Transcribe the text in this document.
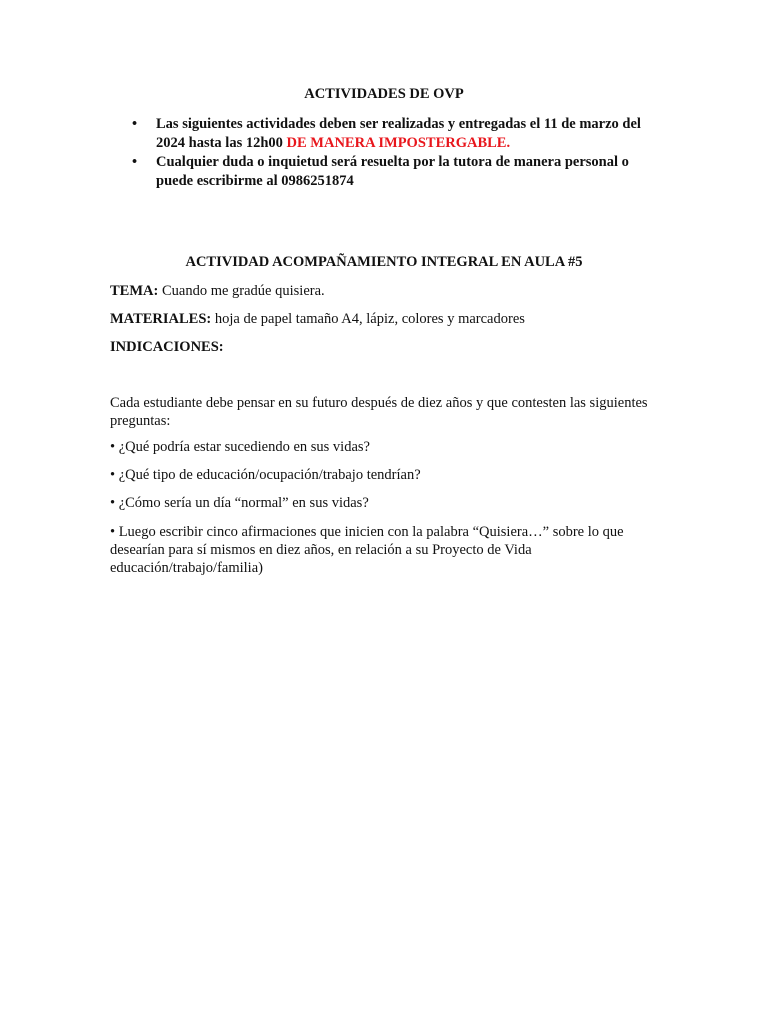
ACTIVIDADES DE OVP
• Las siguientes actividades deben ser realizadas y entregadas el 11 de marzo del 2024 hasta las 12h00 DE MANERA IMPOSTERGABLE.
• Cualquier duda o inquietud será resuelta por la tutora de manera personal o puede escribirme al 0986251874
ACTIVIDAD ACOMPAÑAMIENTO INTEGRAL EN AULA #5
TEMA: Cuando me gradúe quisiera.
MATERIALES: hoja de papel tamaño A4, lápiz, colores y marcadores
INDICACIONES:
Cada estudiante debe pensar en su futuro después de diez años y que contesten las siguientes preguntas:
• ¿Qué podría estar sucediendo en sus vidas?
• ¿Qué tipo de educación/ocupación/trabajo tendrían?
• ¿Cómo sería un día “normal” en sus vidas?
• Luego escribir cinco afirmaciones que inicien con la palabra “Quisiera…” sobre lo que desearían para sí mismos en diez años, en relación a su Proyecto de Vida educación/trabajo/familia)
